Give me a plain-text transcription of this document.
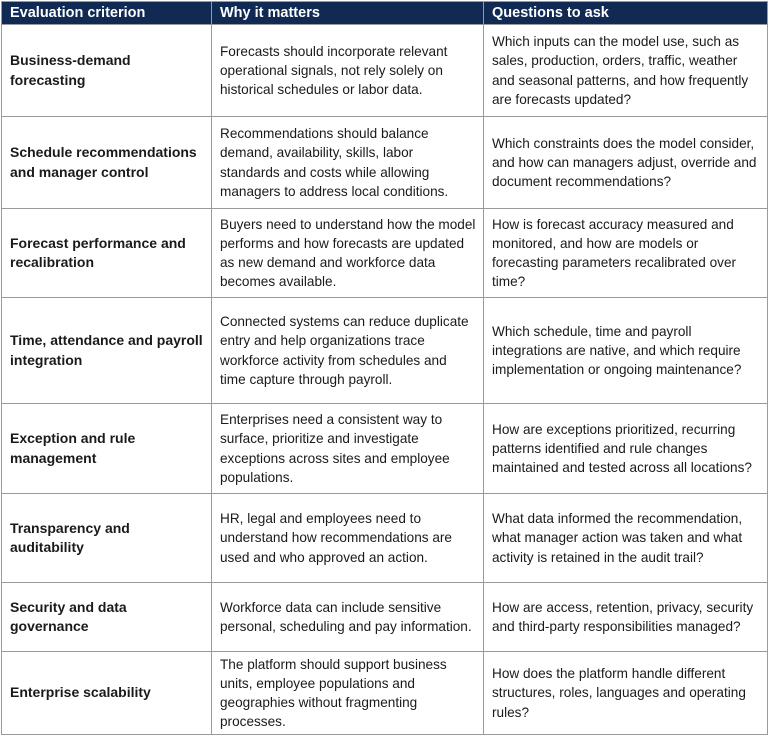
Evaluation criterion	Why it matters	Questions to ask
Business-demand forecasting	Forecasts should incorporate relevant operational signals, not rely solely on historical schedules or labor data.	Which inputs can the model use, such as sales, production, orders, traffic, weather and seasonal patterns, and how frequently are forecasts updated?
Schedule recommendations and manager control	Recommendations should balance demand, availability, skills, labor standards and costs while allowing managers to address local conditions.	Which constraints does the model consider, and how can managers adjust, override and document recommendations?
Forecast performance and recalibration	Buyers need to understand how the model performs and how forecasts are updated as new demand and workforce data becomes available.	How is forecast accuracy measured and monitored, and how are models or forecasting parameters recalibrated over time?
Time, attendance and payroll integration	Connected systems can reduce duplicate entry and help organizations trace workforce activity from schedules and time capture through payroll.	Which schedule, time and payroll integrations are native, and which require implementation or ongoing maintenance?
Exception and rule management	Enterprises need a consistent way to surface, prioritize and investigate exceptions across sites and employee populations.	How are exceptions prioritized, recurring patterns identified and rule changes maintained and tested across all locations?
Transparency and auditability	HR, legal and employees need to understand how recommendations are used and who approved an action.	What data informed the recommendation, what manager action was taken and what activity is retained in the audit trail?
Security and data governance	Workforce data can include sensitive personal, scheduling and pay information.	How are access, retention, privacy, security and third-party responsibilities managed?
Enterprise scalability	The platform should support business units, employee populations and geographies without fragmenting processes.	How does the platform handle different structures, roles, languages and operating rules?
